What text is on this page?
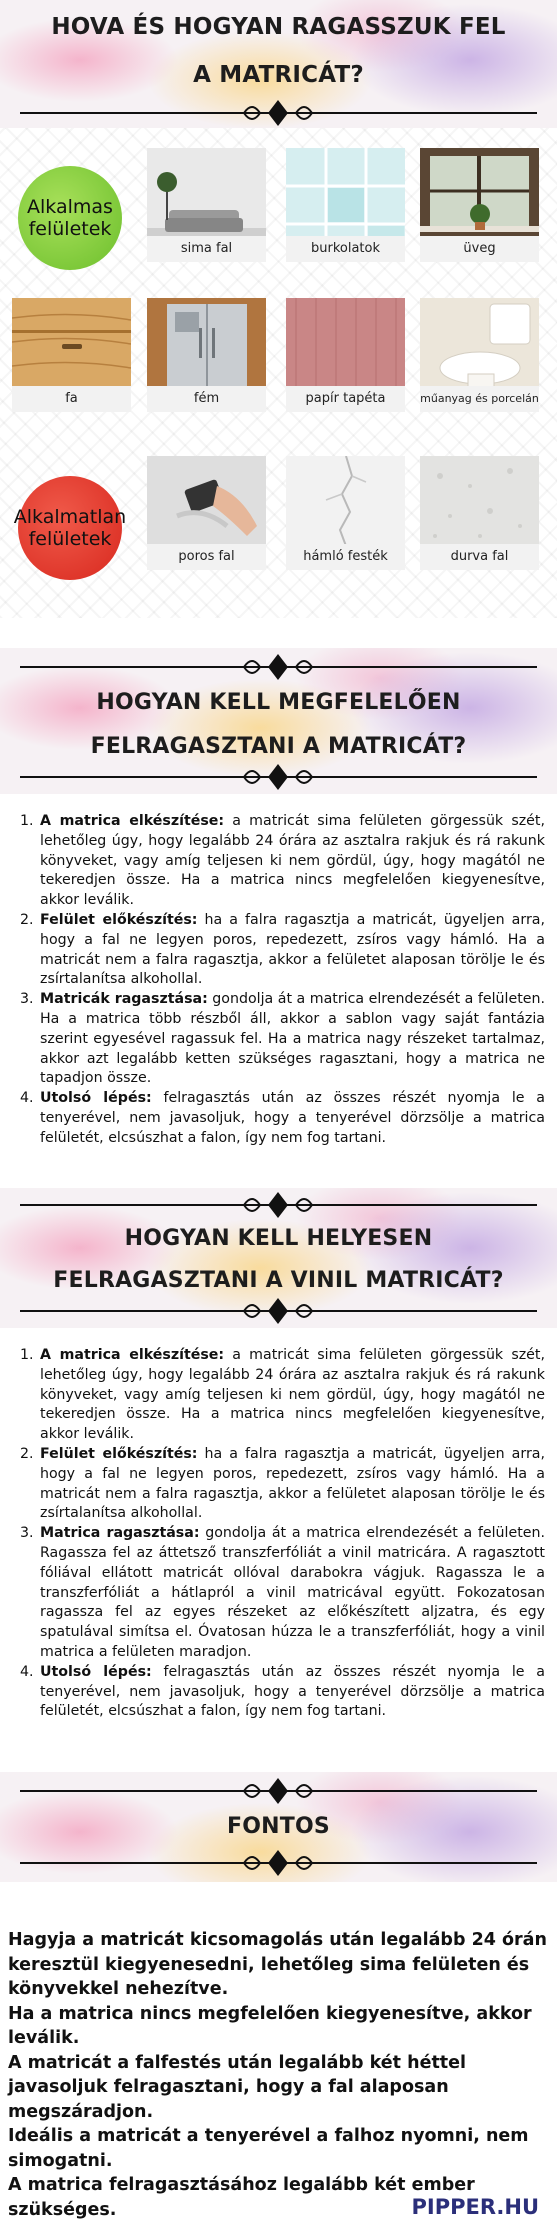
HOVA ÉS HOGYAN RAGASSZUK FEL
A MATRICÁT?
Alkalmas felületek
sima fal	burkolatok	üveg
fa	fém	papír tapéta	műanyag és porcelán
Alkalmatlan felületek
poros fal	hámló festék	durva fal
HOGYAN KELL MEGFELELŐEN
FELRAGASZTANI A MATRICÁT?
1. A matrica elkészítése: a matricát sima felületen görgessük szét, lehetőleg úgy, hogy legalább 24 órára az asztalra rakjuk és rá rakunk könyveket, vagy amíg teljesen ki nem gördül, úgy, hogy magától ne tekeredjen össze. Ha a matrica nincs megfelelően kiegyenesítve, akkor leválik.
2. Felület előkészítés: ha a falra ragasztja a matricát, ügyeljen arra, hogy a fal ne legyen poros, repedezett, zsíros vagy hámló. Ha a matricát nem a falra ragasztja, akkor a felületet alaposan törölje le és zsírtalanítsa alkohollal.
3. Matricák ragasztása: gondolja át a matrica elrendezését a felületen. Ha a matrica több részből áll, akkor a sablon vagy saját fantázia szerint egyesével ragassuk fel. Ha a matrica nagy részeket tartalmaz, akkor azt legalább ketten szükséges ragasztani, hogy a matrica ne tapadjon össze.
4. Utolsó lépés: felragasztás után az összes részét nyomja le a tenyerével, nem javasoljuk, hogy a tenyerével dörzsölje a matrica felületét, elcsúszhat a falon, így nem fog tartani.
HOGYAN KELL HELYESEN
FELRAGASZTANI A VINIL MATRICÁT?
1. A matrica elkészítése: a matricát sima felületen görgessük szét, lehetőleg úgy, hogy legalább 24 órára az asztalra rakjuk és rá rakunk könyveket, vagy amíg teljesen ki nem gördül, úgy, hogy magától ne tekeredjen össze. Ha a matrica nincs megfelelően kiegyenesítve, akkor leválik.
2. Felület előkészítés: ha a falra ragasztja a matricát, ügyeljen arra, hogy a fal ne legyen poros, repedezett, zsíros vagy hámló. Ha a matricát nem a falra ragasztja, akkor a felületet alaposan törölje le és zsírtalanítsa alkohollal.
3. Matrica ragasztása: gondolja át a matrica elrendezését a felületen. Ragassza fel az áttetsző transzferfóliát a vinil matricára. A ragasztott fóliával ellátott matricát ollóval darabokra vágjuk. Ragassza le a transzferfóliát a hátlapról a vinil matricával együtt. Fokozatosan ragassza fel az egyes részeket az előkészített aljzatra, és egy spatulával simítsa el. Óvatosan húzza le a transzferfóliát, hogy a vinil matrica a felületen maradjon.
4. Utolsó lépés: felragasztás után az összes részét nyomja le a tenyerével, nem javasoljuk, hogy a tenyerével dörzsölje a matrica felületét, elcsúszhat a falon, így nem fog tartani.
FONTOS

Hagyja a matricát kicsomagolás után legalább 24 órán keresztül kiegyenesedni, lehetőleg sima felületen és könyvekkel nehezítve.

Ha a matrica nincs megfelelően kiegyenesítve, akkor leválik.

A matricát a falfestés után legalább két héttel javasoljuk felragasztani, hogy a fal alaposan megszáradjon.

Ideális a matricát a tenyerével a falhoz nyomni, nem simogatni.

A matrica felragasztásához legalább két ember szükséges.	PIPPER.HU
